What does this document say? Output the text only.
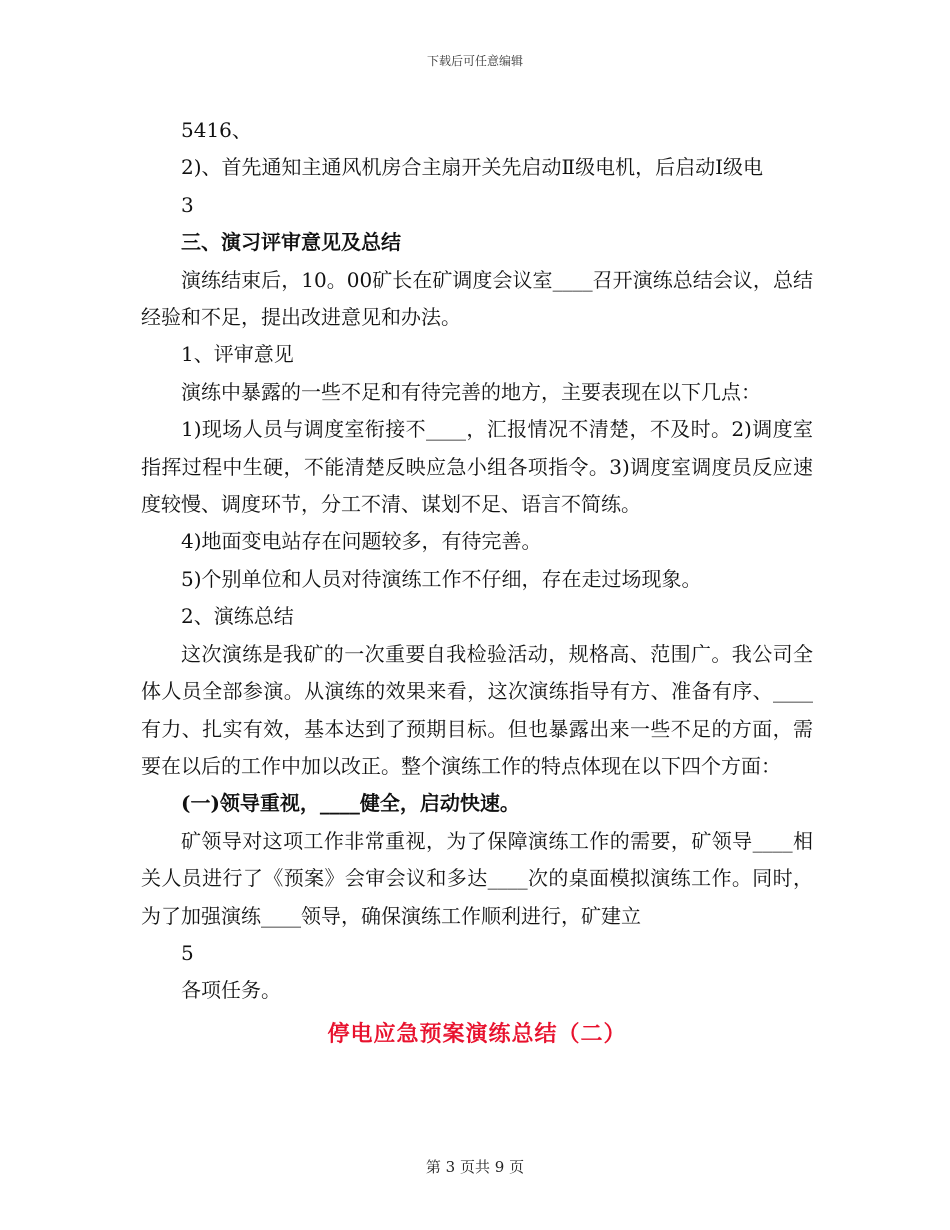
下载后可任意编辑

5416、

2)、首先通知主通风机房合主扇开关先启动Ⅱ级电机，后启动Ⅰ级电

3

三、演习评审意见及总结

演练结束后，10。00矿长在矿调度会议室____召开演练总结会议，总结经验和不足，提出改进意见和办法。

1、评审意见

演练中暴露的一些不足和有待完善的地方，主要表现在以下几点：

1)现场人员与调度室衔接不____，汇报情况不清楚，不及时。2)调度室指挥过程中生硬，不能清楚反映应急小组各项指令。3)调度室调度员反应速度较慢、调度环节，分工不清、谋划不足、语言不简练。

4)地面变电站存在问题较多，有待完善。

5)个别单位和人员对待演练工作不仔细，存在走过场现象。

2、演练总结

这次演练是我矿的一次重要自我检验活动，规格高、范围广。我公司全体人员全部参演。从演练的效果来看，这次演练指导有方、准备有序、____有力、扎实有效，基本达到了预期目标。但也暴露出来一些不足的方面，需要在以后的工作中加以改正。整个演练工作的特点体现在以下四个方面：

(一)领导重视，____健全，启动快速。

矿领导对这项工作非常重视，为了保障演练工作的需要，矿领导____相关人员进行了《预案》会审会议和多达____次的桌面模拟演练工作。同时，为了加强演练____领导，确保演练工作顺利进行，矿建立

5

各项任务。

停电应急预案演练总结（二）

第 3 页共 9 页
